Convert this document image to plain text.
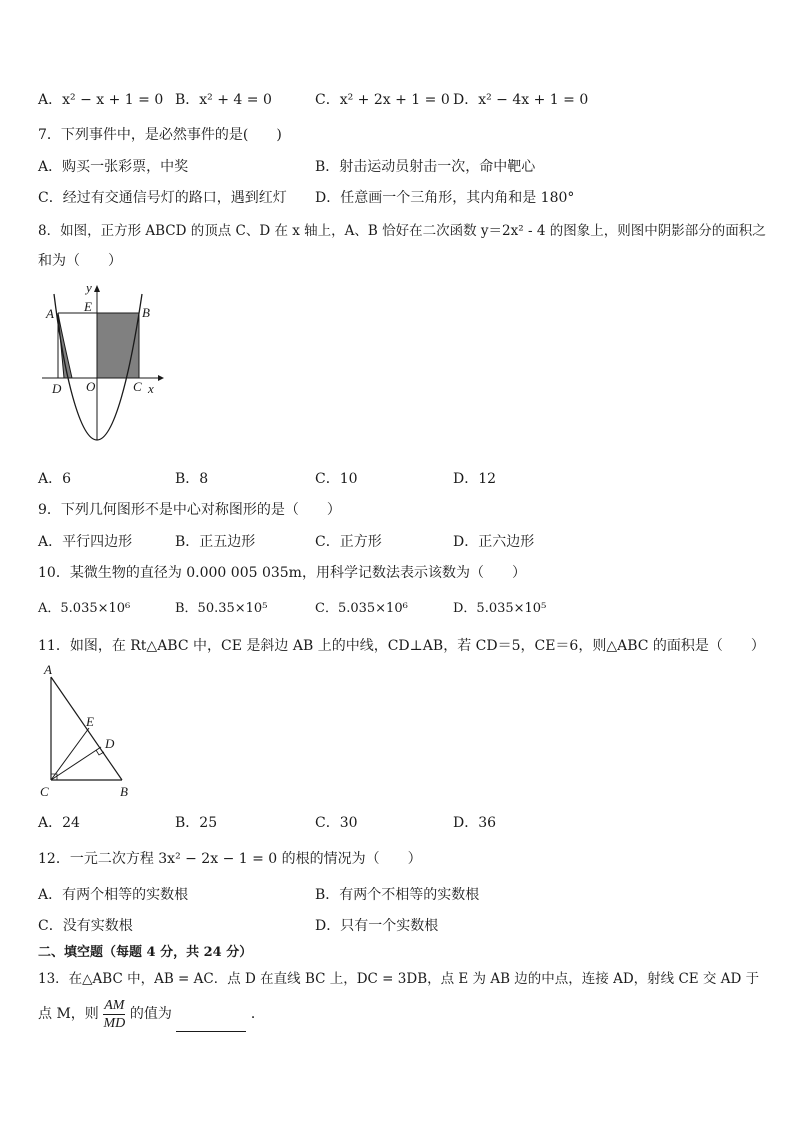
A．x² − x + 1 = 0 B．x² + 4 = 0	C．x² + 2x + 1 = 0 D．x² − 4x + 1 = 0
7．下列事件中，是必然事件的是(　　)
A．购买一张彩票，中奖	B．射击运动员射击一次，命中靶心
C．经过有交通信号灯的路口，遇到红灯 D．任意画一个三角形，其内角和是 180°
8．如图，正方形 ABCD 的顶点 C、D 在 x 轴上，A、B 恰好在二次函数 y＝2x² - 4 的图象上，则图中阴影部分的面积之
和为（　　）
y
E
A	B
D O	C x
A．6	B．8	C．10	D．12
9．下列几何图形不是中心对称图形的是（　　）
A．平行四边形	B．正五边形	C．正方形	D．正六边形
10．某微生物的直径为 0.000 005 035m，用科学记数法表示该数为（　　）
A．5.035×10⁶	B．50.35×10⁵	C．5.035×10⁶	D．5.035×10⁵
11．如图，在 Rt△ABC 中，CE 是斜边 AB 上的中线，CD⊥AB，若 CD＝5，CE＝6，则△ABC 的面积是（　　）
A
E
D
C	B
A．24	B．25	C．30	D．36
12．一元二次方程 3x² − 2x − 1 = 0 的根的情况为（　　）
A．有两个相等的实数根	B．有两个不相等的实数根
C．没有实数根	D．只有一个实数根
二、填空题（每题 4 分，共 24 分）
13．在△ABC 中，AB = AC．点 D 在直线 BC 上，DC = 3DB，点 E 为 AB 边的中点，连接 AD，射线 CE 交 AD 于
点 M，则 $\frac{AM}{MD}$ 的值为	．
